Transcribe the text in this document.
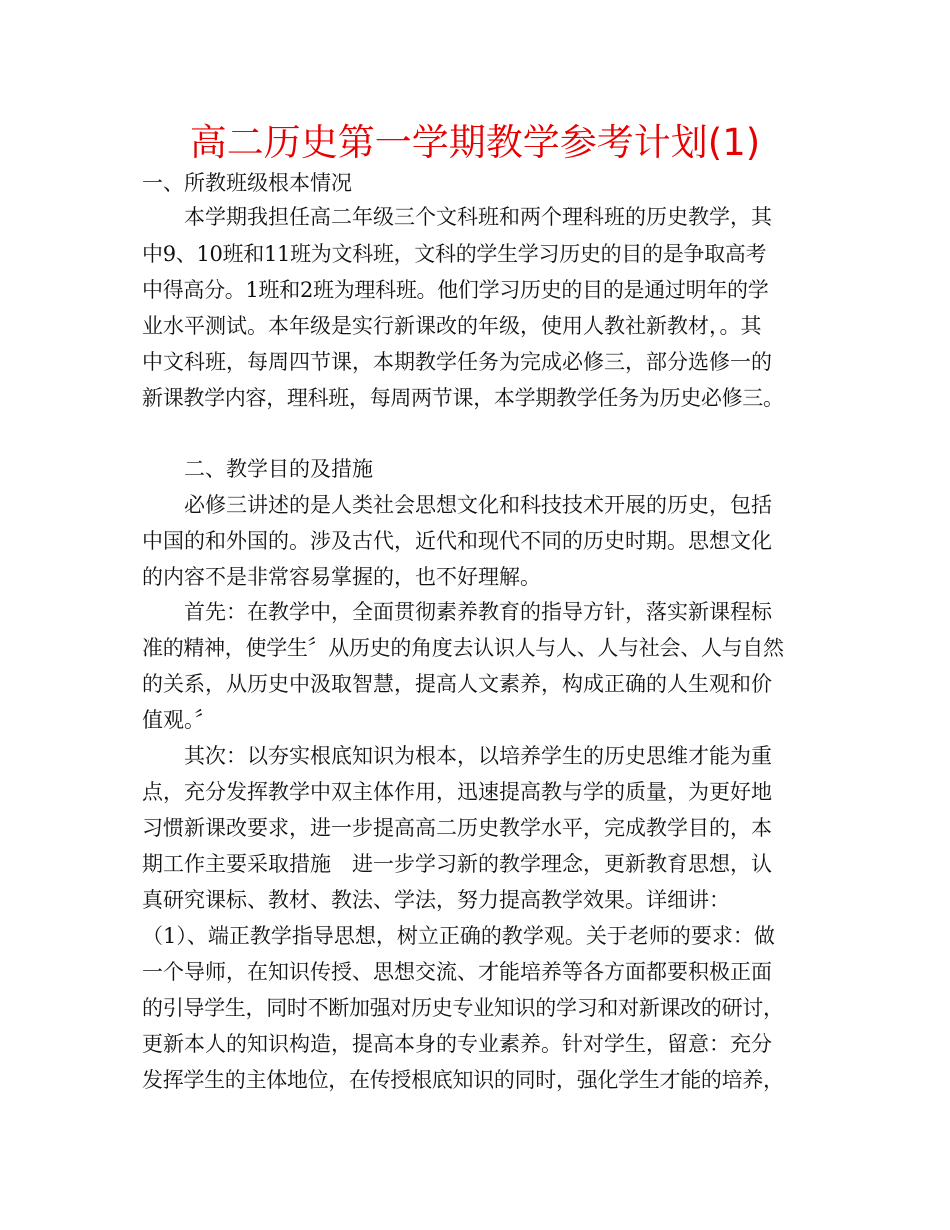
高二历史第一学期教学参考计划(1)

一、所教班级根本情况

本学期我担任高二年级三个文科班和两个理科班的历史教学，其

中9、10班和11班为文科班，文科的学生学习历史的目的是争取高考

中得高分。1班和2班为理科班。他们学习历史的目的是通过明年的学

业水平测试。本年级是实行新课改的年级，使用人教社新教材，。其

中文科班，每周四节课，本期教学任务为完成必修三，部分选修一的

新课教学内容，理科班，每周两节课，本学期教学任务为历史必修三。

二、教学目的及措施

必修三讲述的是人类社会思想文化和科技技术开展的历史，包括

中国的和外国的。涉及古代，近代和现代不同的历史时期。思想文化

的内容不是非常容易掌握的，也不好理解。

首先：在教学中，全面贯彻素养教育的指导方针，落实新课程标

准的精神，使学生〞从历史的角度去认识人与人、人与社会、人与自然

的关系，从历史中汲取智慧，提高人文素养，构成正确的人生观和价

值观。〞

其次：以夯实根底知识为根本，以培养学生的历史思维才能为重

点，充分发挥教学中双主体作用，迅速提高教与学的质量，为更好地

习惯新课改要求，进一步提高高二历史教学水平，完成教学目的，本

期工作主要采取措施　进一步学习新的教学理念，更新教育思想，认

真研究课标、教材、教法、学法，努力提高教学效果。详细讲：

（1）、端正教学指导思想，树立正确的教学观。关于老师的要求：做

一个导师，在知识传授、思想交流、才能培养等各方面都要积极正面

的引导学生，同时不断加强对历史专业知识的学习和对新课改的研讨，

更新本人的知识构造，提高本身的专业素养。针对学生，留意：充分

发挥学生的主体地位，在传授根底知识的同时，强化学生才能的培养，
